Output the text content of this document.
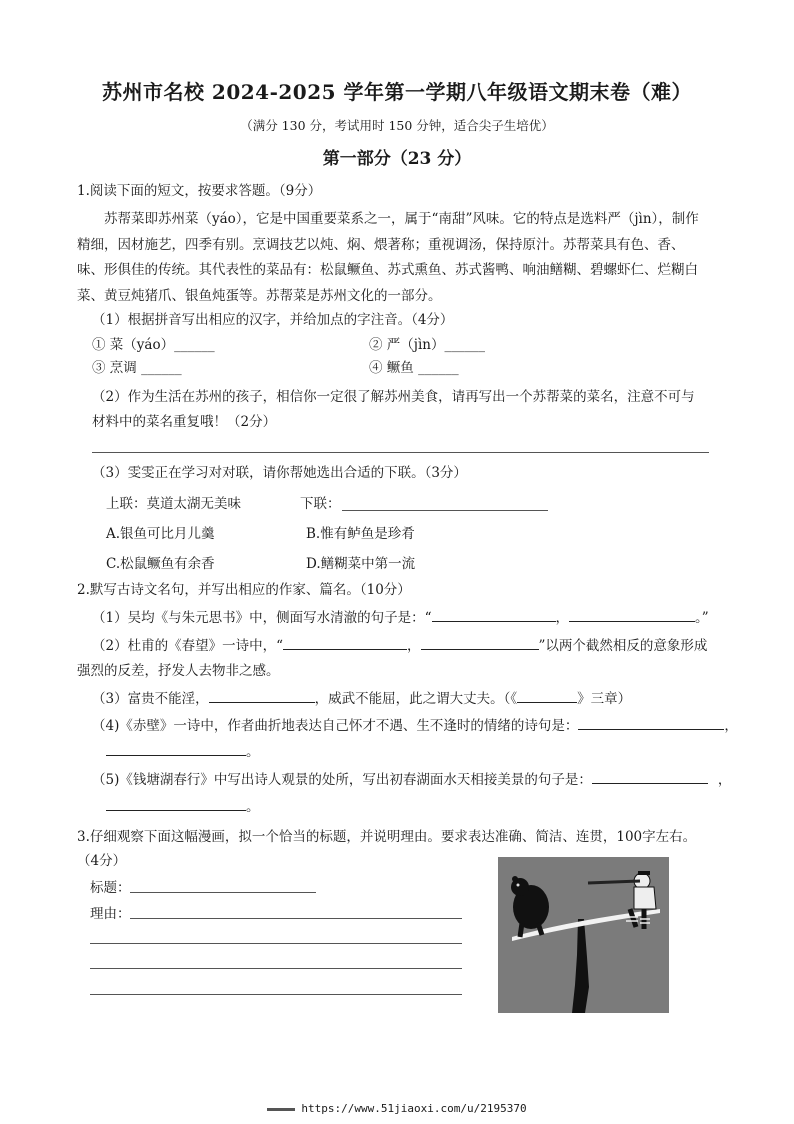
苏州市名校 2024-2025 学年第一学期八年级语文期末卷（难）
（满分 130 分，考试用时 150 分钟，适合尖子生培优）
第一部分（23 分）
1.阅读下面的短文，按要求答题。（9分）
苏帮菜即苏州菜（yáo），它是中国重要菜系之一，属于“南甜”风味。它的特点是选料严（jìn），制作精细，因材施艺，四季有别。烹调技艺以炖、焖、煨著称；重视调汤，保持原汁。苏帮菜具有色、香、味、形俱佳的传统。其代表性的菜品有：松鼠鳜鱼、苏式熏鱼、苏式酱鸭、响油鳝糊、碧螺虾仁、烂糊白菜、黄豆炖猪爪、银鱼炖蛋等。苏帮菜是苏州文化的一部分。
（1）根据拼音写出相应的汉字，并给加点的字注音。（4分）
① 菜（yáo）______	② 严（jìn）______
③ 烹调 ______	④ 鳜鱼 ______
（2）作为生活在苏州的孩子，相信你一定很了解苏州美食，请再写出一个苏帮菜的菜名，注意不可与
材料中的菜名重复哦！（2分）
（3）雯雯正在学习对对联，请你帮她选出合适的下联。（3分）
上联：莫道太湖无美味	下联：
A.银鱼可比月儿羹	B.惟有鲈鱼是珍肴
C.松鼠鳜鱼有余香	D.鳝糊菜中第一流
2.默写古诗文名句，并写出相应的作家、篇名。（10分）
（1）吴均《与朱元思书》中，侧面写水清澈的句子是：“	，	。”
（2）杜甫的《春望》一诗中，“	，	”以两个截然相反的意象形成
强烈的反差，抒发人去物非之感。
（3）富贵不能淫，	，威武不能屈，此之谓大丈夫。（《	》三章）
（4)《赤壁》一诗中，作者曲折地表达自己怀才不遇、生不逢时的情绪的诗句是：	，
。
（5)《钱塘湖春行》中写出诗人观景的处所，写出初春湖面水天相接美景的句子是：	，
。
3.仔细观察下面这幅漫画，拟一个恰当的标题，并说明理由。要求表达准确、简洁、连贯，100字左右。
（4分）
标题：
理由：
https://www.51jiaoxi.com/u/2195370
